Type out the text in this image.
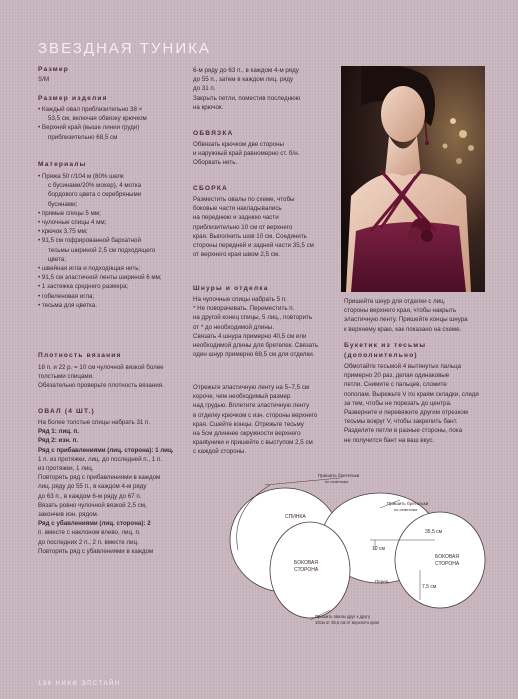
ЗВЕЗДНАЯ ТУНИКА
Размер
S/M
Размер изделия
• Каждый овал приблизительно 38 ×
53,5 см, включая обвязку крючком
• Верхний край (выше линии груди)
приблизительно 68,5 см
Материалы
• Пряжа 50 г/104 м (80% шелк
с бусинами/20% мохер), 4 мотка
бордового цвета с серебряными
бусинами;
• прямые спицы 5 мм;
• чулочные спицы 4 мм;
• крючок 3,75 мм;
• 91,5 см гофрированной бархатной
тесьмы шириной 2,5 см подходящего
цвета;
• швейная игла и подходящая нить;
• 91,5 см эластичной ленты шириной 6 мм;
• 1 застежка среднего размера;
• гобеленовая игла;
• тесьма для цветка.
Плотность вязания
18 п. и 22 р. = 10 см чулочной вязкой более
толстыми спицами.
Обязательно проверьте плотность вязания.
ОВАЛ (4 ШТ.)
На более толстые спицы набрать 31 п.
Ряд 1: лиц. п.
Ряд 2: изн. п.
Ряд с прибавлениями (лиц. сторона): 1 лиц.
1 п. из протяжки, лиц. до последней п., 1 п.
из протяжки, 1 лиц.
Повторять ряд с прибавлениями в каждом
лиц. ряду до 55 п., в каждом 4-м ряду
до 63 п., в каждом 6-м ряду до 67 п.
Вязать ровно чулочной вязкой 2,5 см,
закончив изн. рядом.
Ряд с убавлениями (лиц. сторона): 2
п. вместе с наклоном влево, лиц. п.
до последних 2 п., 2 п. вместе лиц.
Повторять ряд с убавлениями в каждом
6-м ряду до 63 п., в каждом 4-м ряду
до 55 п., затем в каждом лиц. ряду
до 31 п.
Закрыть петли, поместив последнюю
на крючок.
ОБВЯЗКА
Обвязать крючком две стороны
и наружный край равномерно ст. б/н.
Оборвать нить.
СБОРКА
Разместить овалы по схеме, чтобы
боковые части накладывались
на переднюю и заднюю части
приблизительно 10 см от верхнего
края. Выполнить шов 10 см. Соединить
стороны передней и задней части 35,5 см
от верхнего края швом 2,5 см.
Шнуры и отделка
На чулочные спицы набрать 5 п.
* Не поворачивать. Переместить п.
на другой конец спицы, 5 лиц., повторить
от * до необходимой длины.
Связать 4 шнура примерно 40,5 см или
необходимой длины для бретелек. Связать
один шнур примерно 68,5 см для отделки.
Отрежьте эластичную ленту на 5–7,5 см
короче, чем необходимый размер
над грудью. Вплетите эластичную ленту
в отделку крючком с изн. стороны верхнего
края. Сшейте концы. Отрежьте тесьму
на 5см длиннее окружности верхнего
краяtуники и пришейте с выступом 2,5 см
с каждой стороны.
Пришейте шнур для отделки с лиц.
стороны верхнего края, чтобы накрыть
эластичную ленту. Пришейте концы шнура
к верхнему краю, как показано на схеме.
Букетик из тесьмы
(дополнительно)
Обмотайте тесьмой 4 вытянутых пальца
примерно 20 раз, делая одинаковые
петли. Снимите с пальцев, сложите
пополам. Вырежьте V по краям складки, следя
за тем, чтобы не порезать до центра.
Разверните и перевяжите другим отрезком
тесьмы вокруг V, чтобы закрепить бант.
Разделите петли в разные стороны, пока
не получится бант на ваш вкус.
Пришить бретельки
по отметкам
Пришить бретельки
по отметкам
СПИНКА
БОКОВАЯ
СТОРОНА
БОКОВАЯ
СТОРОНА
Перед
35,5 см
10 см
7,5 см
Пришить овалы друг к другу
10см от 35,5 см от верхнего края
136 НИКИ ЭПСТАЙН
